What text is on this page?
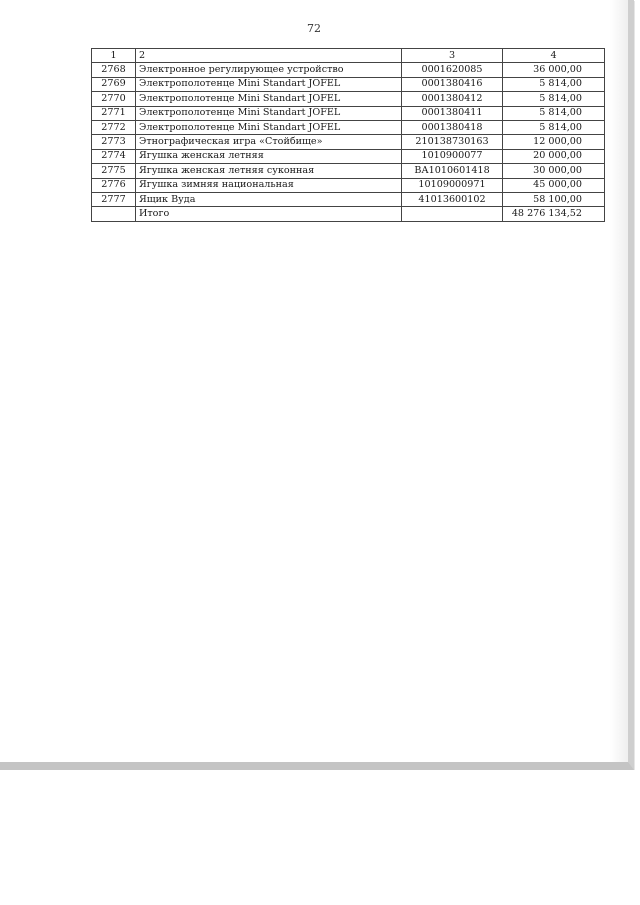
72
1	2	3	4
2768	Электронное регулирующее устройство	0001620085	36 000,00
2769	Электрополотенце Mini Standart JOFEL	0001380416	5 814,00
2770	Электрополотенце Mini Standart JOFEL	0001380412	5 814,00
2771	Электрополотенце Mini Standart JOFEL	0001380411	5 814,00
2772	Электрополотенце Mini Standart JOFEL	0001380418	5 814,00
2773	Этнографическая игра «Стойбище»	210138730163	12 000,00
2774	Ягушка женская летняя	1010900077	20 000,00
2775	Ягушка женская летняя суконная	ВА1010601418	30 000,00
2776	Ягушка зимняя национальная	10109000971	45 000,00
2777	Ящик Вуда	41013600102	58 100,00
	Итого		48 276 134,52
